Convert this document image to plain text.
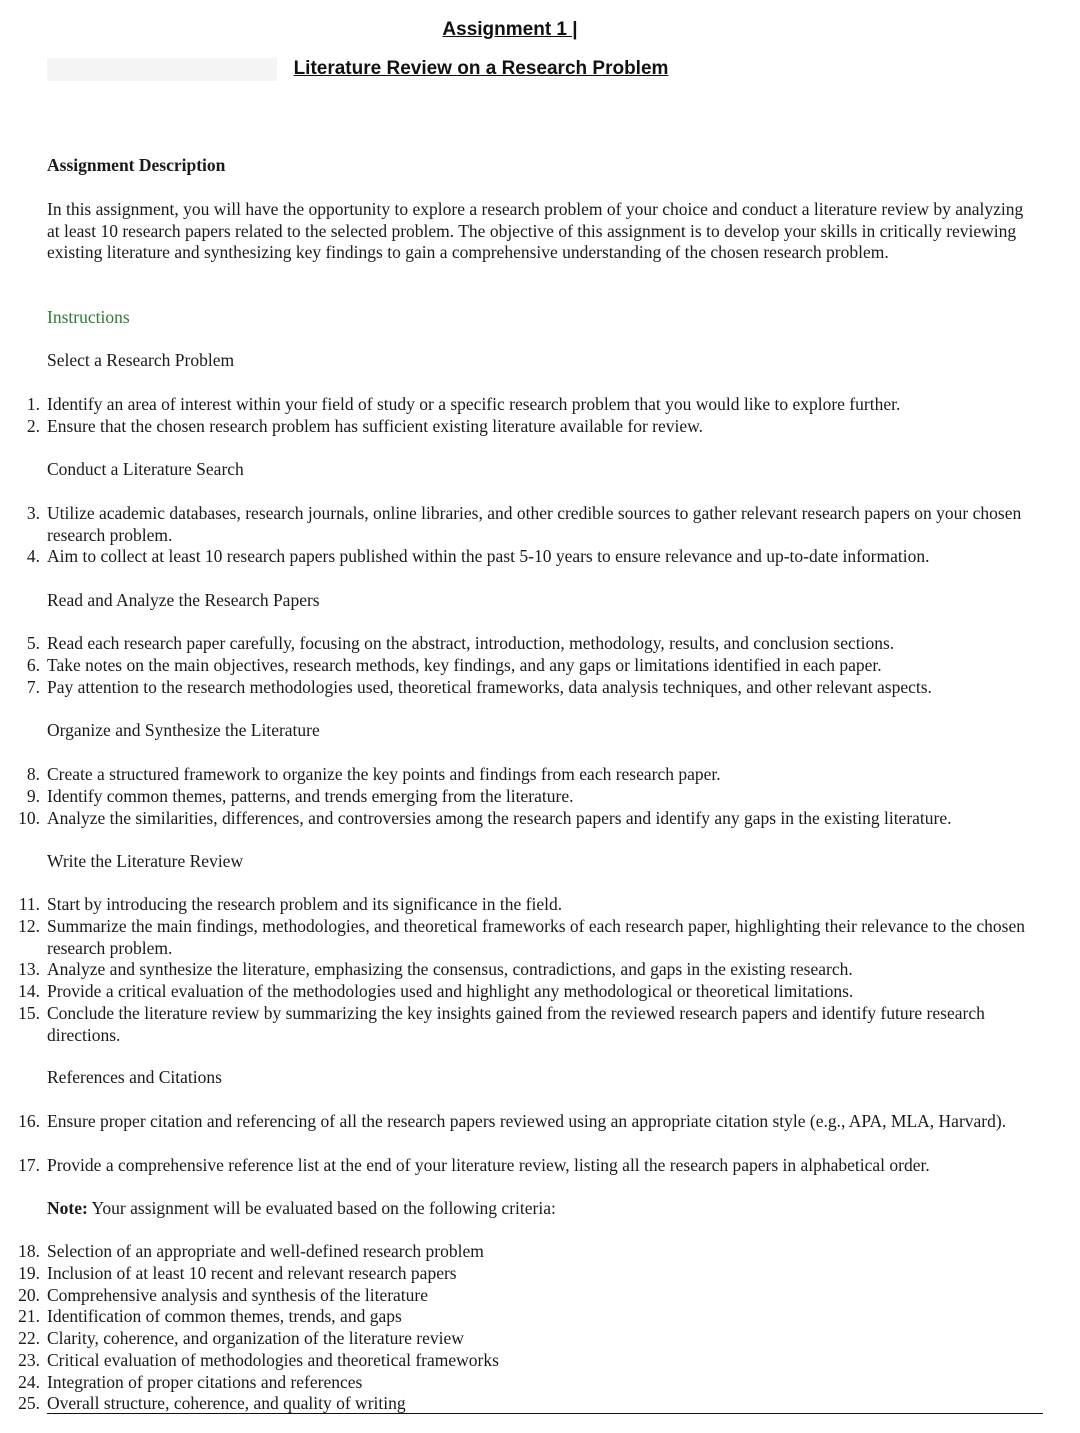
Assignment 1 |
Literature Review on a Research Problem
Assignment Description
In this assignment, you will have the opportunity to explore a research problem of your choice and conduct a literature review by analyzing at least 10 research papers related to the selected problem. The objective of this assignment is to develop your skills in critically reviewing existing literature and synthesizing key findings to gain a comprehensive understanding of the chosen research problem.
Instructions
Select a Research Problem
1. Identify an area of interest within your field of study or a specific research problem that you would like to explore further.
2. Ensure that the chosen research problem has sufficient existing literature available for review.
Conduct a Literature Search
3. Utilize academic databases, research journals, online libraries, and other credible sources to gather relevant research papers on your chosen research problem.
4. Aim to collect at least 10 research papers published within the past 5-10 years to ensure relevance and up-to-date information.
Read and Analyze the Research Papers
5. Read each research paper carefully, focusing on the abstract, introduction, methodology, results, and conclusion sections.
6. Take notes on the main objectives, research methods, key findings, and any gaps or limitations identified in each paper.
7. Pay attention to the research methodologies used, theoretical frameworks, data analysis techniques, and other relevant aspects.
Organize and Synthesize the Literature
8. Create a structured framework to organize the key points and findings from each research paper.
9. Identify common themes, patterns, and trends emerging from the literature.
10. Analyze the similarities, differences, and controversies among the research papers and identify any gaps in the existing literature.
Write the Literature Review
11. Start by introducing the research problem and its significance in the field.
12. Summarize the main findings, methodologies, and theoretical frameworks of each research paper, highlighting their relevance to the chosen research problem.
13. Analyze and synthesize the literature, emphasizing the consensus, contradictions, and gaps in the existing research.
14. Provide a critical evaluation of the methodologies used and highlight any methodological or theoretical limitations.
15. Conclude the literature review by summarizing the key insights gained from the reviewed research papers and identify future research directions.
References and Citations
16. Ensure proper citation and referencing of all the research papers reviewed using an appropriate citation style (e.g., APA, MLA, Harvard).
17. Provide a comprehensive reference list at the end of your literature review, listing all the research papers in alphabetical order.
Note: Your assignment will be evaluated based on the following criteria:
18. Selection of an appropriate and well-defined research problem
19. Inclusion of at least 10 recent and relevant research papers
20. Comprehensive analysis and synthesis of the literature
21. Identification of common themes, trends, and gaps
22. Clarity, coherence, and organization of the literature review
23. Critical evaluation of methodologies and theoretical frameworks
24. Integration of proper citations and references
25. Overall structure, coherence, and quality of writing
